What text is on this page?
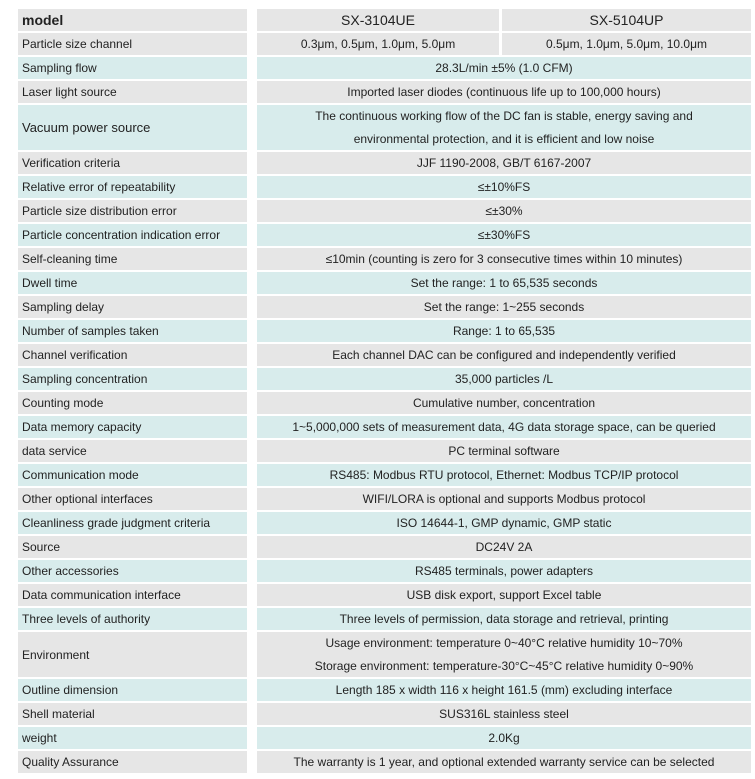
model	SX-3104UE	SX-5104UP
Particle size channel	0.3μm, 0.5μm, 1.0μm, 5.0μm	0.5μm, 1.0μm, 5.0μm, 10.0μm
Sampling flow	28.3L/min ±5% (1.0 CFM)	
Laser light source	Imported laser diodes (continuous life up to 100,000 hours)	
Vacuum power source	The continuous working flow of the DC fan is stable, energy saving and
environmental protection, and it is efficient and low noise	

Verification criteria	JJF 1190-2008, GB/T 6167-2007	
Relative error of repeatability	≤±10%FS	
Particle size distribution error	≤±30%	
Particle concentration indication error	≤±30%FS	
Self-cleaning time	≤10min (counting is zero for 3 consecutive times within 10 minutes)	
Dwell time	Set the range: 1 to 65,535 seconds	
Sampling delay	Set the range: 1~255 seconds	
Number of samples taken	Range: 1 to 65,535	
Channel verification	Each channel DAC can be configured and independently verified	
Sampling concentration	35,000 particles /L	
Counting mode	Cumulative number, concentration	
Data memory capacity	1~5,000,000 sets of measurement data, 4G data storage space, can be queried	
data service	PC terminal software	
Communication mode	RS485: Modbus RTU protocol, Ethernet: Modbus TCP/IP protocol	
Other optional interfaces	WIFI/LORA is optional and supports Modbus protocol	
Cleanliness grade judgment criteria	ISO 14644-1, GMP dynamic, GMP static	
Source	DC24V 2A	
Other accessories	RS485 terminals, power adapters	
Data communication interface	USB disk export, support Excel table	
Three levels of authority	Three levels of permission, data storage and retrieval, printing	
Environment	Usage environment: temperature 0~40°C relative humidity 10~70%
Storage environment: temperature-30°C~45°C relative humidity 0~90%	

Outline dimension	Length 185 x width 116 x height 161.5 (mm) excluding interface	
Shell material	SUS316L stainless steel	
weight	2.0Kg	
Quality Assurance	The warranty is 1 year, and optional extended warranty service can be selected	
